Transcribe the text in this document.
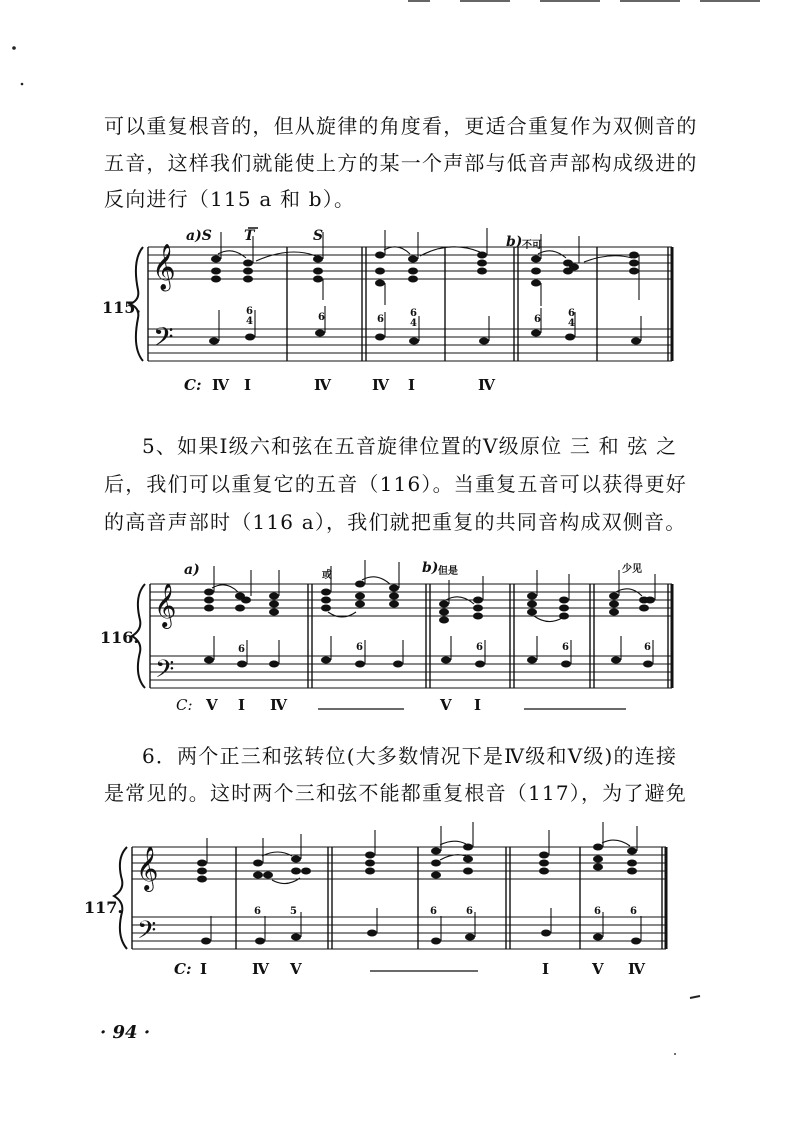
可以重复根音的，但从旋律的角度看，更适合重复作为双侧音的
五音，这样我们就能使上方的某一个声部与低音声部构成级进的
反向进行（115 a 和 b）。
𝄞
𝄢
115.
a)S T	S	b) 不可
6
4	6	6
6
4	6
6
4
C: Ⅳ Ⅰ	Ⅳ	Ⅳ Ⅰ	Ⅳ
5、如果Ⅰ级六和弦在五音旋律位置的Ⅴ级原位 三 和 弦 之
后，我们可以重复它的五音（116）。当重复五音可以获得更好
的高音声部时（116 a），我们就把重复的共同音构成双侧音。
𝄞
𝄢
116.
a)	或	b) 但是	少见
6	6	6	6	6
C: Ⅴ Ⅰ Ⅳ	Ⅴ Ⅰ
6．两个正三和弦转位(大多数情况下是Ⅳ级和Ⅴ级)的连接
是常见的。这时两个三和弦不能都重复根音（117），为了避免
𝄞
𝄢
117.	6	5	6	6	6	6
C: Ⅰ	Ⅳ Ⅴ	Ⅰ	Ⅴ Ⅳ
· 94 ·
